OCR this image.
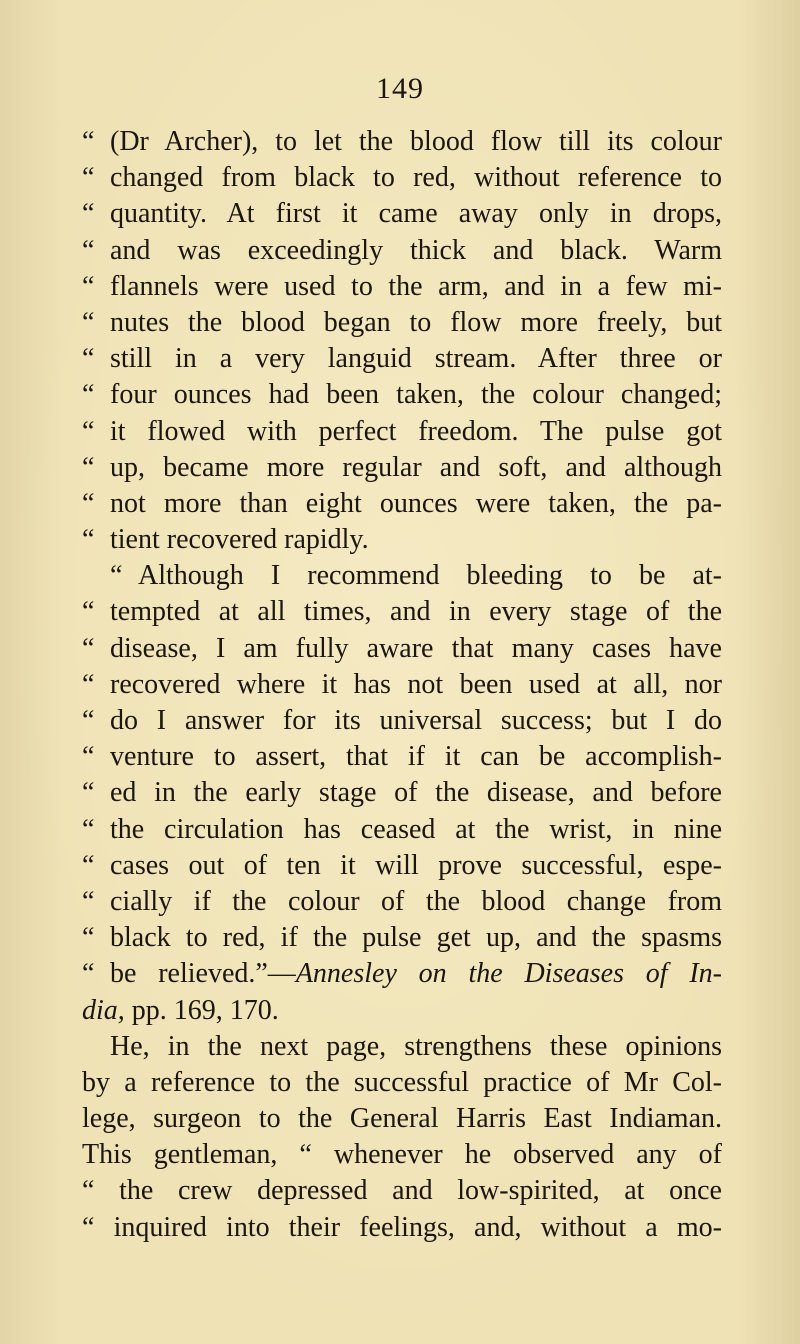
149
“ (Dr Archer), to let the blood flow till its colour
“ changed from black to red, without reference to
“ quantity. At first it came away only in drops,
“ and was exceedingly thick and black. Warm
“ flannels were used to the arm, and in a few mi-
“ nutes the blood began to flow more freely, but
“ still in a very languid stream. After three or
“ four ounces had been taken, the colour changed;
“ it flowed with perfect freedom. The pulse got
“ up, became more regular and soft, and although
“ not more than eight ounces were taken, the pa-
“ tient recovered rapidly.
“ Although I recommend bleeding to be at-
“ tempted at all times, and in every stage of the
“ disease, I am fully aware that many cases have
“ recovered where it has not been used at all, nor
“ do I answer for its universal success; but I do
“ venture to assert, that if it can be accomplish-
“ ed in the early stage of the disease, and before
“ the circulation has ceased at the wrist, in nine
“ cases out of ten it will prove successful, espe-
“ cially if the colour of the blood change from
“ black to red, if the pulse get up, and the spasms
“ be relieved.”—Annesley on the Diseases of In-
dia, pp. 169, 170.
He, in the next page, strengthens these opinions
by a reference to the successful practice of Mr Col-
lege, surgeon to the General Harris East Indiaman.
This gentleman, “ whenever he observed any of
“ the crew depressed and low-spirited, at once
“ inquired into their feelings, and, without a mo-
